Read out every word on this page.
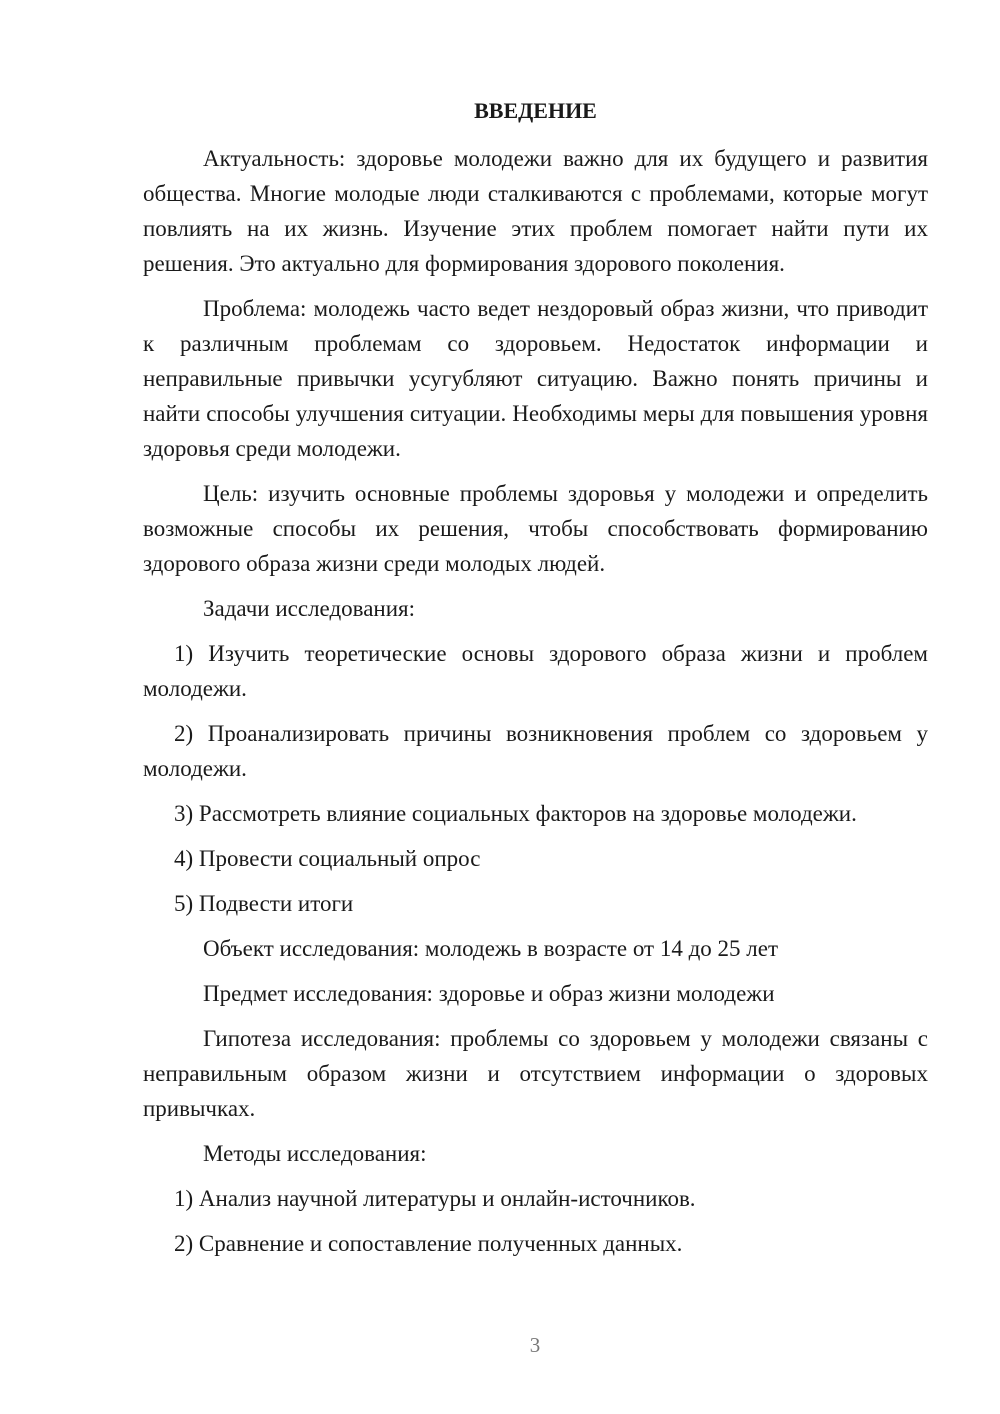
ВВЕДЕНИЕ

Актуальность: здоровье молодежи важно для их будущего и развития общества. Многие молодые люди сталкиваются с проблемами, которые могут повлиять на их жизнь. Изучение этих проблем помогает найти пути их решения. Это актуально для формирования здорового поколения.

Проблема: молодежь часто ведет нездоровый образ жизни, что приводит к различным проблемам со здоровьем. Недостаток информации и неправильные привычки усугубляют ситуацию. Важно понять причины и найти способы улучшения ситуации. Необходимы меры для повышения уровня здоровья среди молодежи.

Цель: изучить основные проблемы здоровья у молодежи и определить возможные способы их решения, чтобы способствовать формированию здорового образа жизни среди молодых людей.

Задачи исследования:

1) Изучить теоретические основы здорового образа жизни и проблем молодежи.

2) Проанализировать причины возникновения проблем со здоровьем у молодежи.

3) Рассмотреть влияние социальных факторов на здоровье молодежи.

4) Провести социальный опрос

5) Подвести итоги

Объект исследования: молодежь в возрасте от 14 до 25 лет

Предмет исследования: здоровье и образ жизни молодежи

Гипотеза исследования: проблемы со здоровьем у молодежи связаны с неправильным образом жизни и отсутствием информации о здоровых привычках.

Методы исследования:

1) Анализ научной литературы и онлайн-источников.

2) Сравнение и сопоставление полученных данных.

3
